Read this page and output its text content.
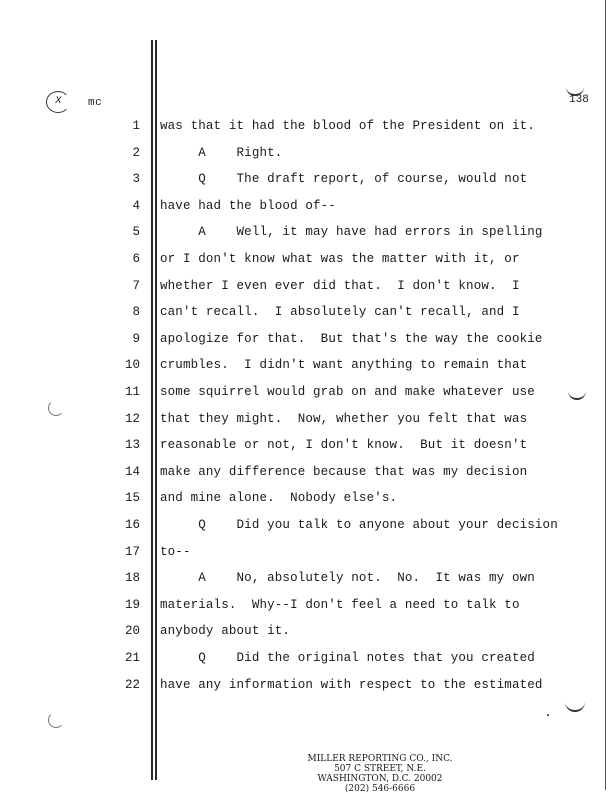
X	mc	138
1 was that it had the blood of the President on it.
2 A    Right.
3 Q    The draft report, of course, would not
4 have had the blood of--
5 A    Well, it may have had errors in spelling
6 or I don't know what was the matter with it, or
7 whether I even ever did that.  I don't know.  I
8 can't recall.  I absolutely can't recall, and I
9 apologize for that.  But that's the way the cookie
10 crumbles.  I didn't want anything to remain that
11 some squirrel would grab on and make whatever use
12 that they might.  Now, whether you felt that was
13 reasonable or not, I don't know.  But it doesn't
14 make any difference because that was my decision
15 and mine alone.  Nobody else's.
16 Q    Did you talk to anyone about your decision
17 to--
18 A    No, absolutely not.  No.  It was my own
19 materials.  Why--I don't feel a need to talk to
20 anybody about it.
21 Q    Did the original notes that you created
22 have any information with respect to the estimated
MILLER REPORTING CO., INC.
507 C STREET, N.E.
WASHINGTON, D.C. 20002
(202) 546-6666
